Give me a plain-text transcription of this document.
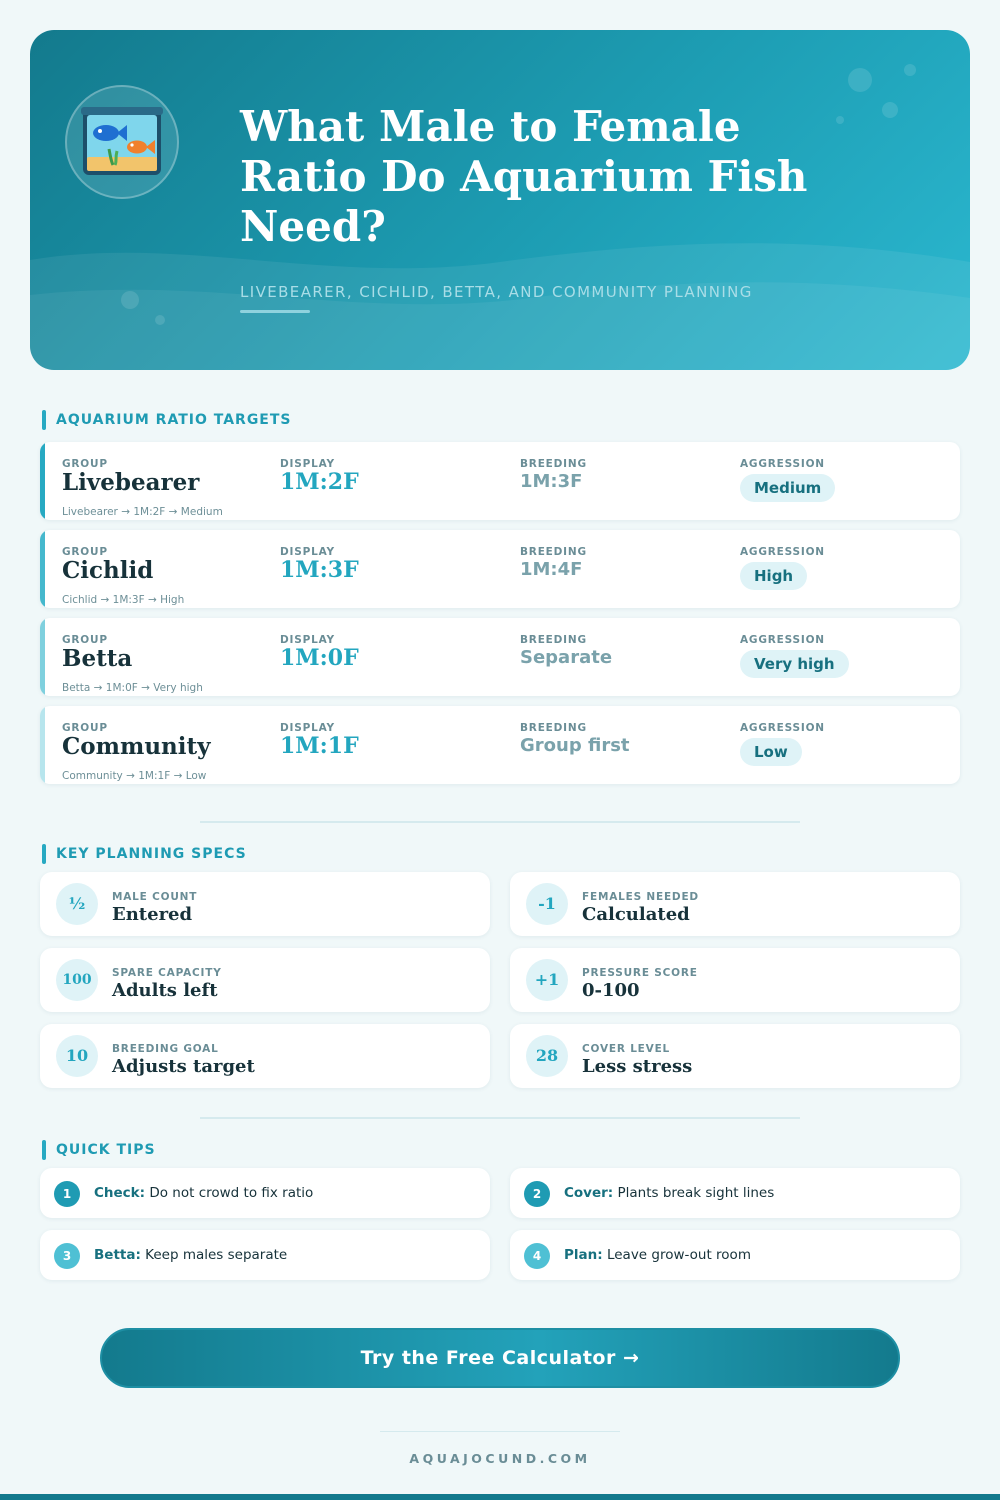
What Male to Female Ratio Do Aquarium Fish Need?
LIVEBEARER, CICHLID, BETTA, AND COMMUNITY PLANNING
AQUARIUM RATIO TARGETS
GROUP	DISPLAY	BREEDING	AGGRESSION
Livebearer	1M:2F	1M:3F	Medium
Livebearer → 1M:2F → Medium
GROUP	DISPLAY	BREEDING	AGGRESSION
Cichlid	1M:3F	1M:4F	High
Cichlid → 1M:3F → High
GROUP	DISPLAY	BREEDING	AGGRESSION
Betta	1M:0F	Separate	Very high
Betta → 1M:0F → Very high
GROUP	DISPLAY	BREEDING	AGGRESSION
Community	1M:1F	Group first	Low
Community → 1M:1F → Low
KEY PLANNING SPECS
½	MALE COUNT
Entered
-1	FEMALES NEEDED
Calculated
100	SPARE CAPACITY
Adults left
+1	PRESSURE SCORE
0-100
10	BREEDING GOAL
Adjusts target
28	COVER LEVEL
Less stress
QUICK TIPS
1	Check: Do not crowd to fix ratio	2	Cover: Plants break sight lines
3	Betta: Keep males separate	4	Plan: Leave grow-out room
Try the Free Calculator →
AQUAJOCUND.COM
